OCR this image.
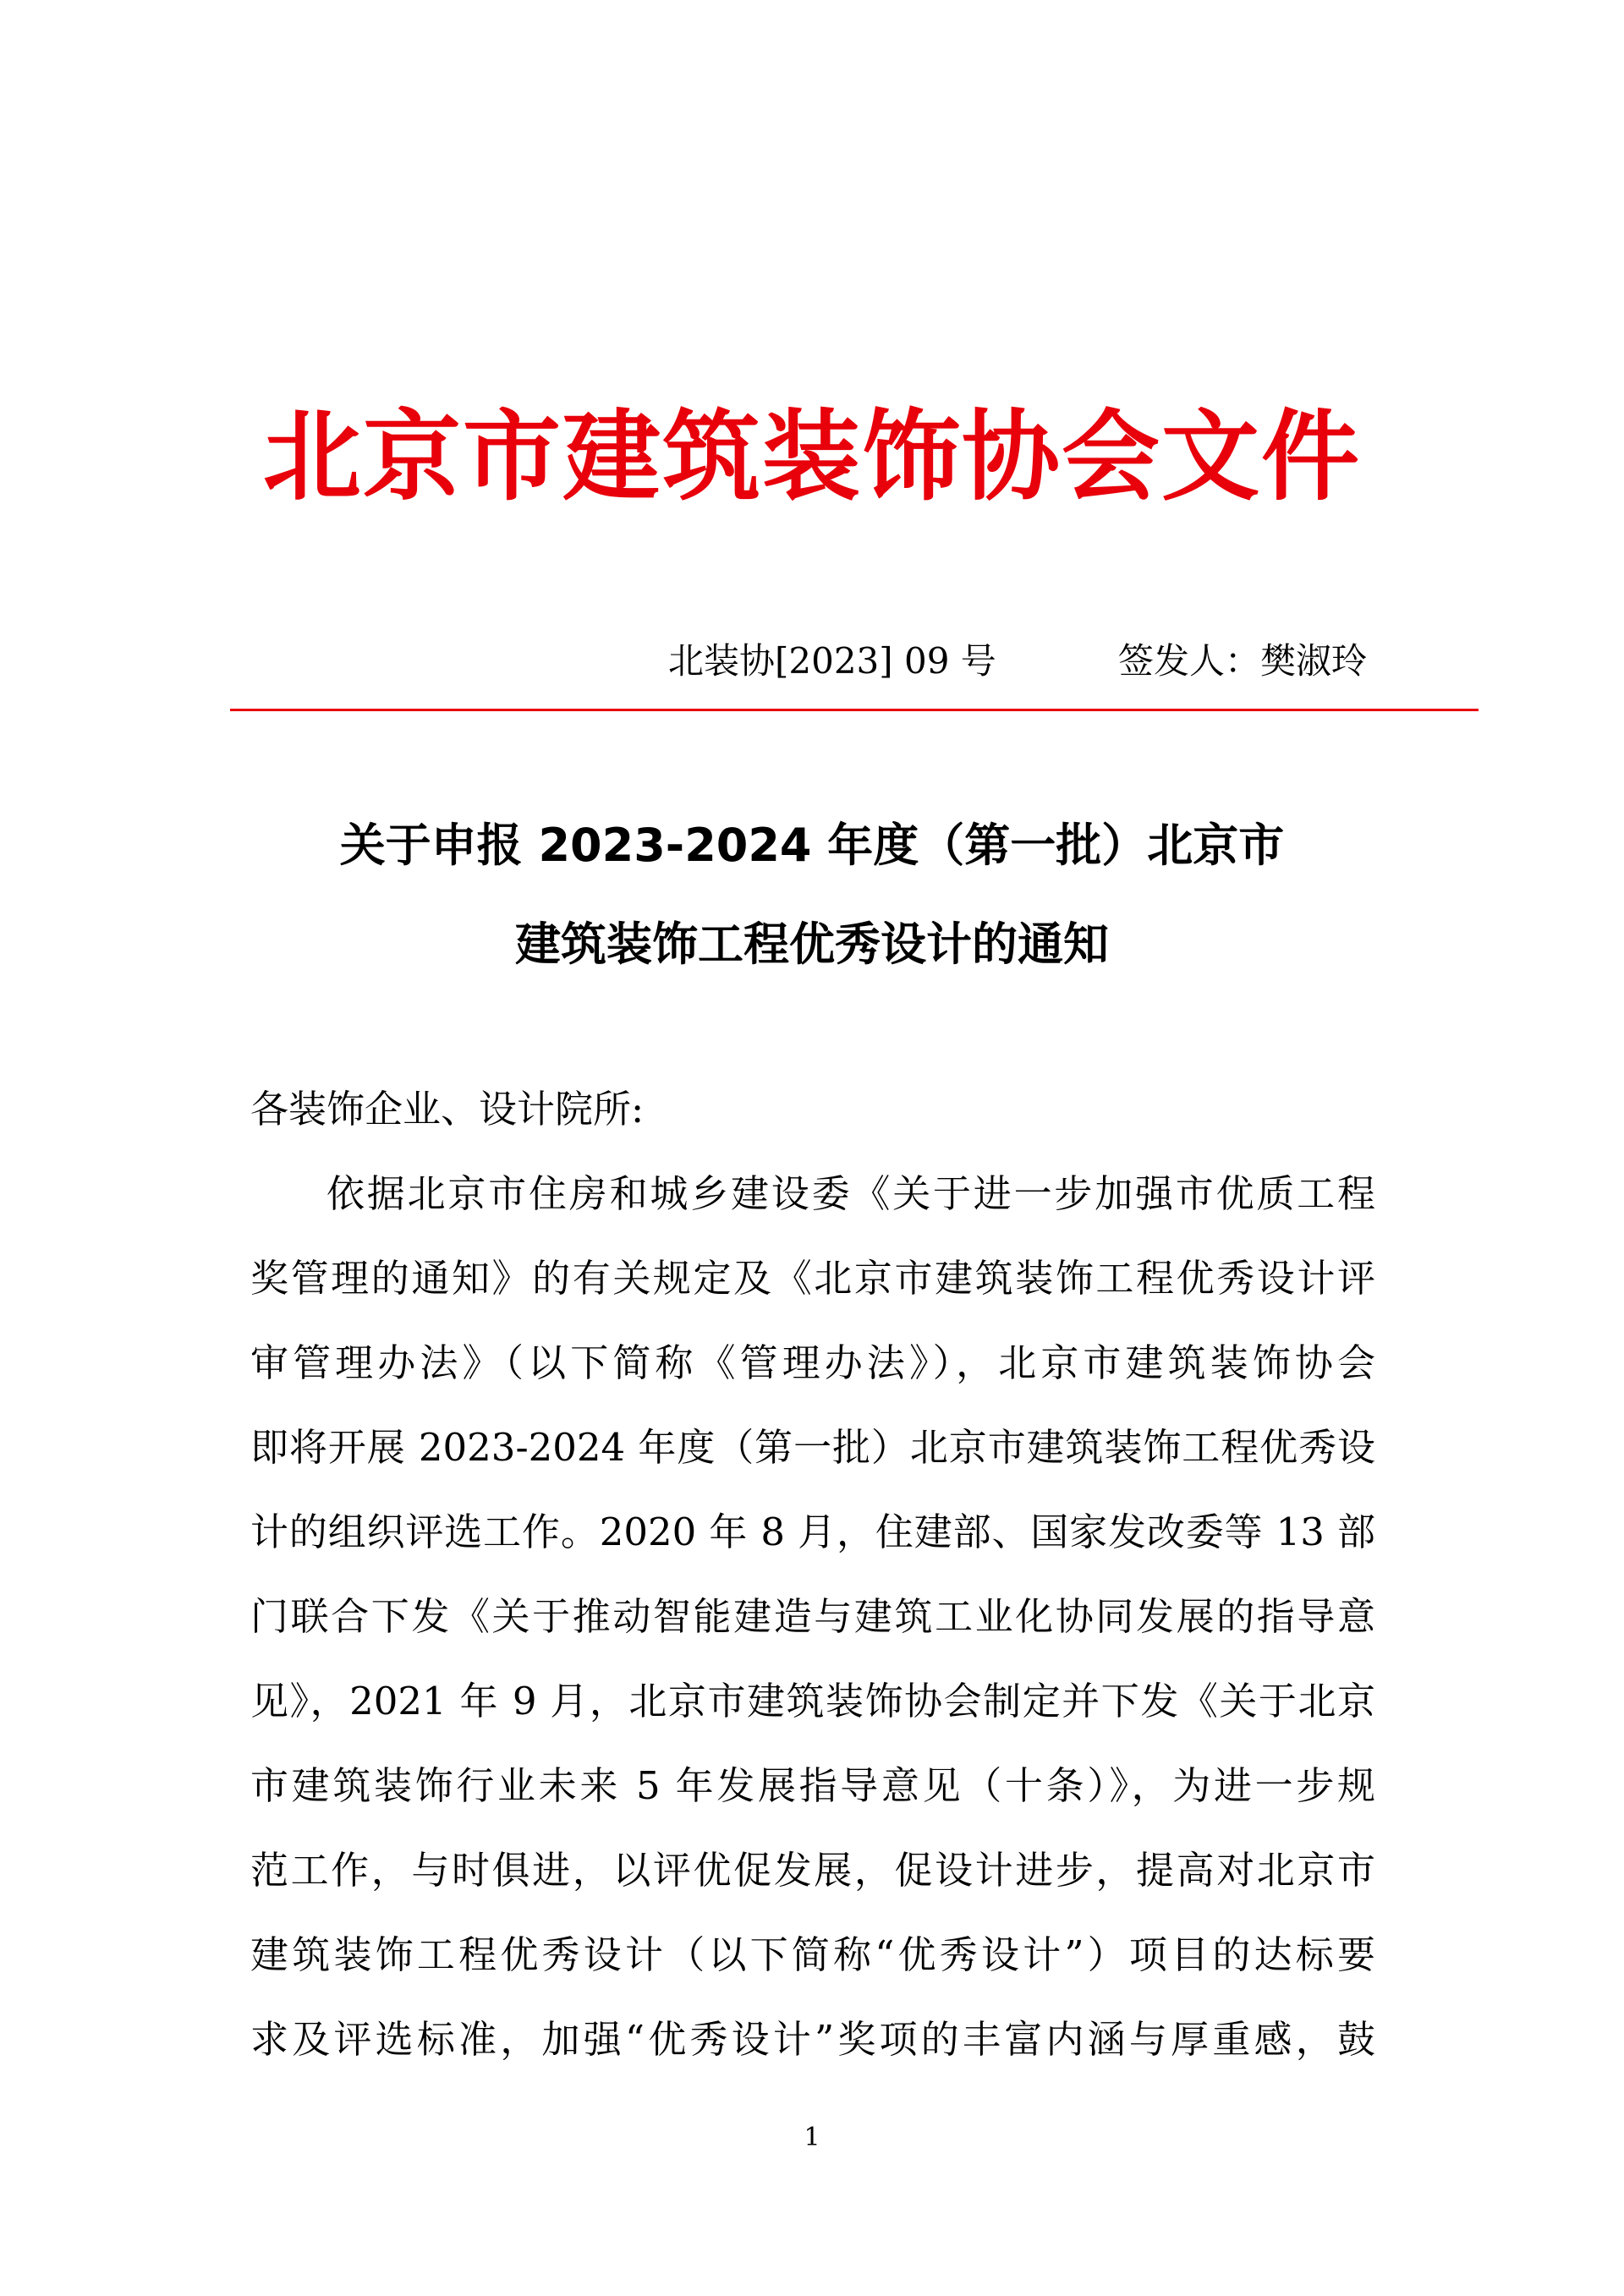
北京市建筑装饰协会文件
北装协[2023] 09 号	签发人：樊淑玲
关于申报 2023-2024 年度（第一批）北京市
建筑装饰工程优秀设计的通知
各装饰企业、设计院所:
依据北京市住房和城乡建设委《关于进一步加强市优质工程
奖管理的通知》的有关规定及《北京市建筑装饰工程优秀设计评
审管理办法》（以下简称《管理办法》），北京市建筑装饰协会
即将开展 2023-2024 年度（第一批）北京市建筑装饰工程优秀设
计的组织评选工作。2020 年 8 月，住建部、国家发改委等 13 部
门联合下发《关于推动智能建造与建筑工业化协同发展的指导意
见》，2021 年 9 月，北京市建筑装饰协会制定并下发《关于北京
市建筑装饰行业未来 5 年发展指导意见（十条）》，为进一步规
范工作，与时俱进，以评优促发展，促设计进步，提高对北京市
建筑装饰工程优秀设计（以下简称“优秀设计”）项目的达标要
求及评选标准，加强“优秀设计”奖项的丰富内涵与厚重感，鼓
1
